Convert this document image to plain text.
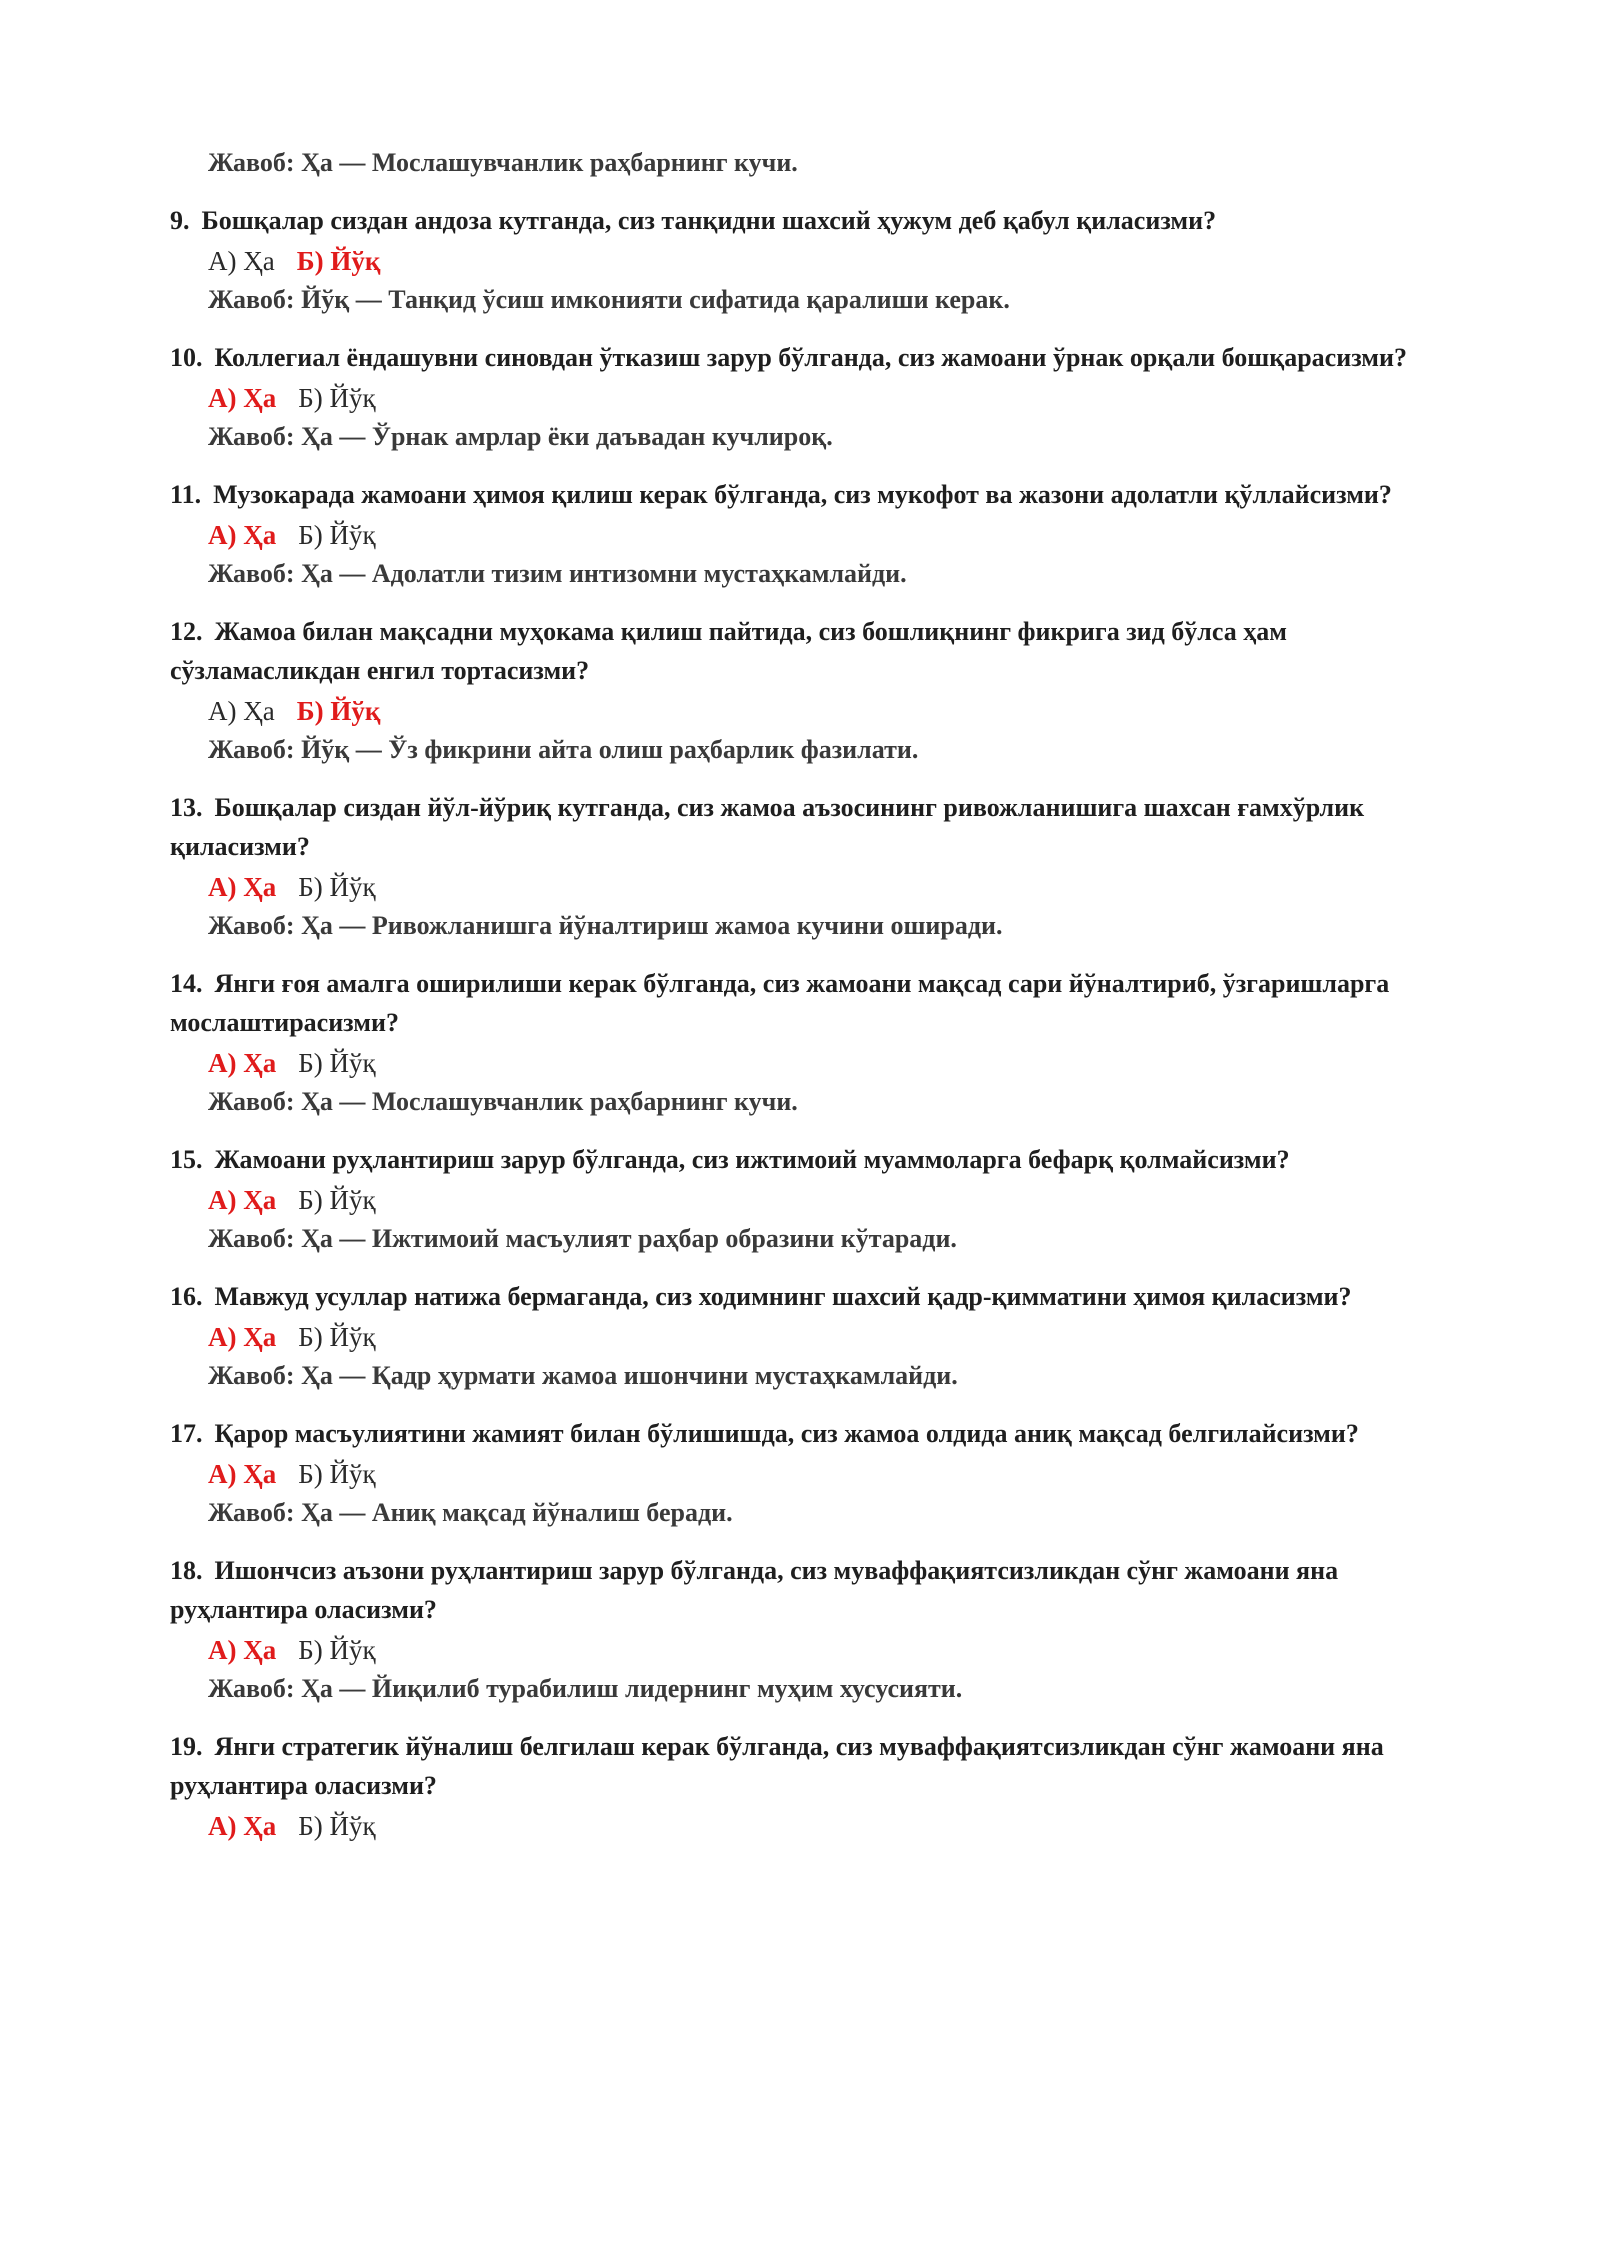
Жавоб: Ҳа — Мослашувчанлик раҳбарнинг кучи.
9. Бошқалар сиздан андоза кутганда, сиз танқидни шахсий ҳужум деб қабул қиласизми?
А) Ҳа Б) Йўқ
Жавоб: Йўқ — Танқид ўсиш имконияти сифатида қаралиши керак.
10. Коллегиал ёндашувни синовдан ўтказиш зарур бўлганда, сиз жамоани ўрнак орқали бошқарасизми?
А) Ҳа Б) Йўқ
Жавоб: Ҳа — Ўрнак амрлар ёки даъвадан кучлироқ.
11. Музокарада жамоани ҳимоя қилиш керак бўлганда, сиз мукофот ва жазони адолатли қўллайсизми?
А) Ҳа Б) Йўқ
Жавоб: Ҳа — Адолатли тизим интизомни мустаҳкамлайди.
12. Жамоа билан мақсадни муҳокама қилиш пайтида, сиз бошлиқнинг фикрига зид бўлса ҳам сўзламасликдан енгил тортасизми?
А) Ҳа Б) Йўқ
Жавоб: Йўқ — Ўз фикрини айта олиш раҳбарлик фазилати.
13. Бошқалар сиздан йўл-йўриқ кутганда, сиз жамоа аъзосининг ривожланишига шахсан ғамхўрлик қиласизми?
А) Ҳа Б) Йўқ
Жавоб: Ҳа — Ривожланишга йўналтириш жамоа кучини оширади.
14. Янги ғоя амалга оширилиши керак бўлганда, сиз жамоани мақсад сари йўналтириб, ўзгаришларга мослаштирасизми?
А) Ҳа Б) Йўқ
Жавоб: Ҳа — Мослашувчанлик раҳбарнинг кучи.
15. Жамоани руҳлантириш зарур бўлганда, сиз ижтимоий муаммоларга бефарқ қолмайсизми?
А) Ҳа Б) Йўқ
Жавоб: Ҳа — Ижтимоий масъулият раҳбар образини кўтаради.
16. Мавжуд усуллар натижа бермаганда, сиз ходимнинг шахсий қадр-қимматини ҳимоя қиласизми?
А) Ҳа Б) Йўқ
Жавоб: Ҳа — Қадр ҳурмати жамоа ишончини мустаҳкамлайди.
17. Қарор масъулиятини жамият билан бўлишишда, сиз жамоа олдида аниқ мақсад белгилайсизми?
А) Ҳа Б) Йўқ
Жавоб: Ҳа — Аниқ мақсад йўналиш беради.
18. Ишончсиз аъзони руҳлантириш зарур бўлганда, сиз муваффақиятсизликдан сўнг жамоани яна руҳлантира оласизми?
А) Ҳа Б) Йўқ
Жавоб: Ҳа — Йиқилиб турабилиш лидернинг муҳим хусусияти.
19. Янги стратегик йўналиш белгилаш керак бўлганда, сиз муваффақиятсизликдан сўнг жамоани яна руҳлантира оласизми?
А) Ҳа Б) Йўқ
